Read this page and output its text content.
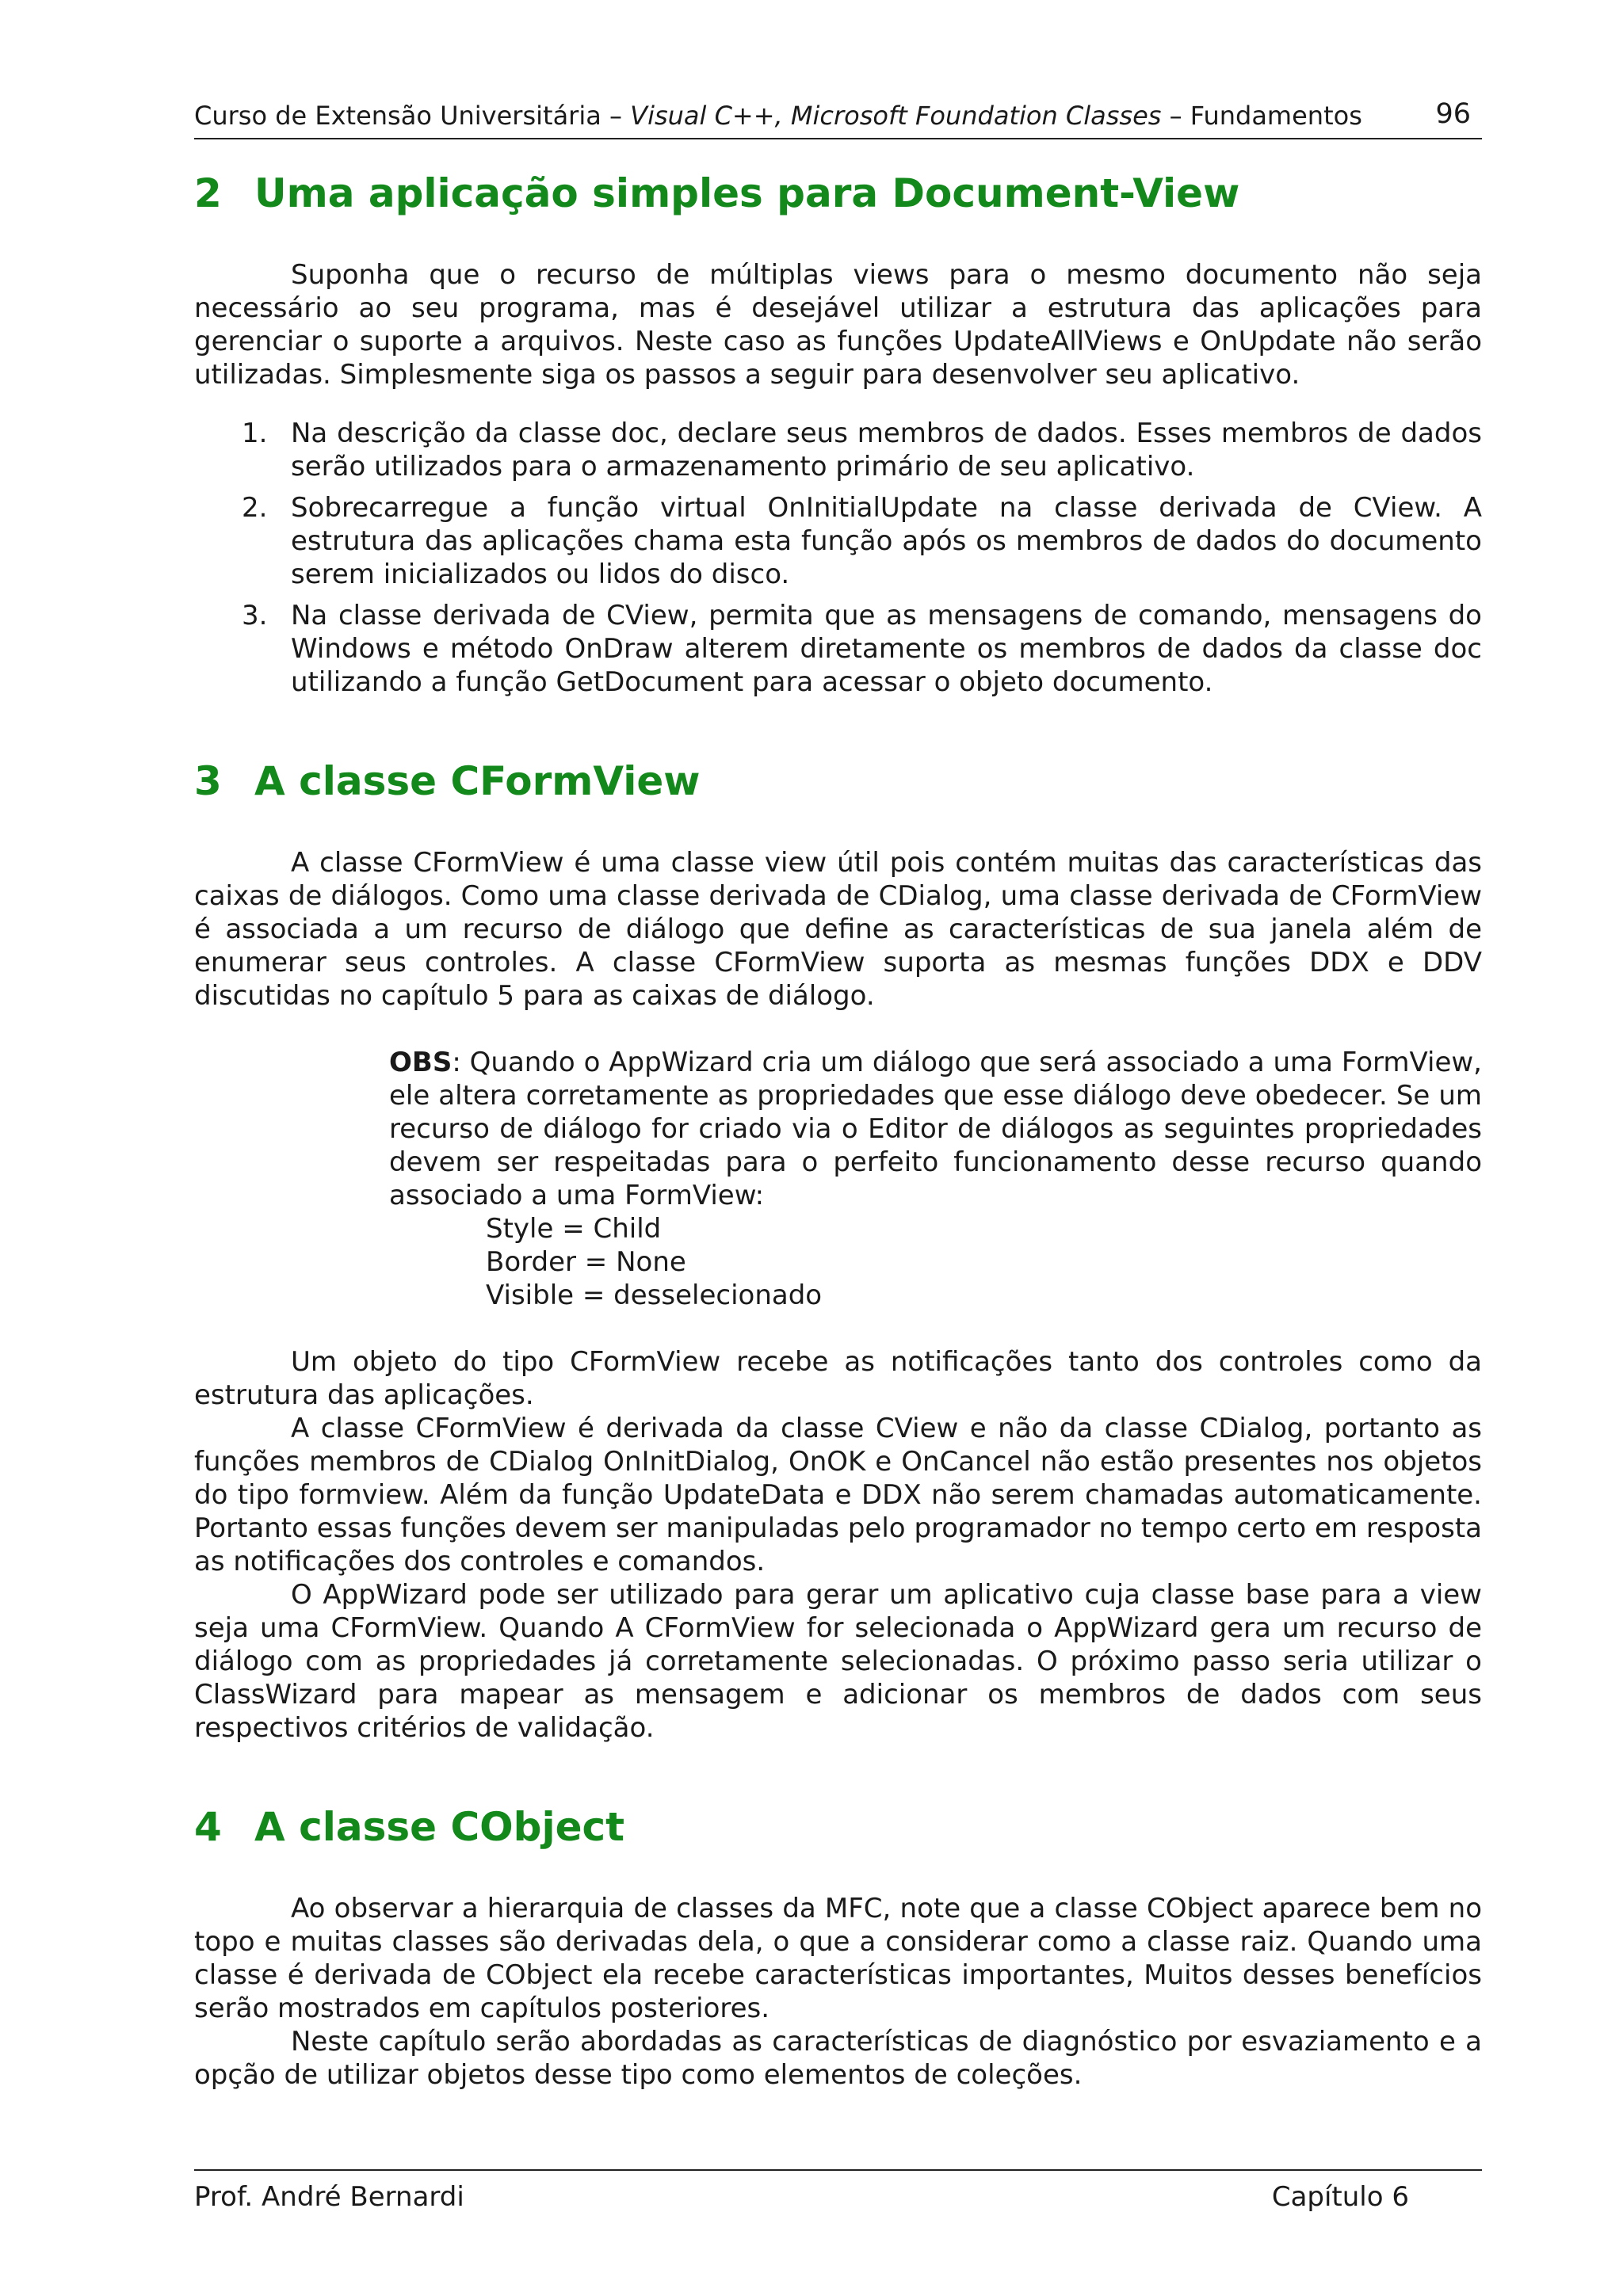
Curso de Extensão Universitária – Visual C++, Microsoft Foundation Classes – Fundamentos	96
2 Uma aplicação simples para Document-View

Suponha que o recurso de múltiplas views para o mesmo documento não seja necessário ao seu programa, mas é desejável utilizar a estrutura das aplicações para gerenciar o suporte a arquivos. Neste caso as funções UpdateAllViews e OnUpdate não serão utilizadas. Simplesmente siga os passos a seguir para desenvolver seu aplicativo.

1. Na descrição da classe doc, declare seus membros de dados. Esses membros de dados serão utilizados para o armazenamento primário de seu aplicativo.
2. Sobrecarregue a função virtual OnInitialUpdate na classe derivada de CView. A estrutura das aplicações chama esta função após os membros de dados do documento serem inicializados ou lidos do disco.
3. Na classe derivada de CView, permita que as mensagens de comando, mensagens do Windows e método OnDraw alterem diretamente os membros de dados da classe doc utilizando a função GetDocument para acessar o objeto documento.
3 A classe CFormView

A classe CFormView é uma classe view útil pois contém muitas das características das caixas de diálogos. Como uma classe derivada de CDialog, uma classe derivada de CFormView é associada a um recurso de diálogo que define as características de sua janela além de enumerar seus controles. A classe CFormView suporta as mesmas funções DDX e DDV discutidas no capítulo 5 para as caixas de diálogo.

OBS: Quando o AppWizard cria um diálogo que será associado a uma FormView, ele altera corretamente as propriedades que esse diálogo deve obedecer. Se um recurso de diálogo for criado via o Editor de diálogos as seguintes propriedades devem ser respeitadas para o perfeito funcionamento desse recurso quando associado a uma FormView:

Style = Child
Border = None
Visible = desselecionado

Um objeto do tipo CFormView recebe as notificações tanto dos controles como da estrutura das aplicações.

A classe CFormView é derivada da classe CView e não da classe CDialog, portanto as funções membros de CDialog OnInitDialog, OnOK e OnCancel não estão presentes nos objetos do tipo formview. Além da função UpdateData e DDX não serem chamadas automaticamente. Portanto essas funções devem ser manipuladas pelo programador no tempo certo em resposta as notificações dos controles e comandos.

O AppWizard pode ser utilizado para gerar um aplicativo cuja classe base para a view seja uma CFormView. Quando A CFormView for selecionada o AppWizard gera um recurso de diálogo com as propriedades já corretamente selecionadas. O próximo passo seria utilizar o ClassWizard para mapear as mensagem e adicionar os membros de dados com seus respectivos critérios de validação.

4 A classe CObject

Ao observar a hierarquia de classes da MFC, note que a classe CObject aparece bem no topo e muitas classes são derivadas dela, o que a considerar como a classe raiz. Quando uma classe é derivada de CObject ela recebe características importantes, Muitos desses benefícios serão mostrados em capítulos posteriores.

Neste capítulo serão abordadas as características de diagnóstico por esvaziamento e a opção de utilizar objetos desse tipo como elementos de coleções.

Prof. André Bernardi	Capítulo 6
